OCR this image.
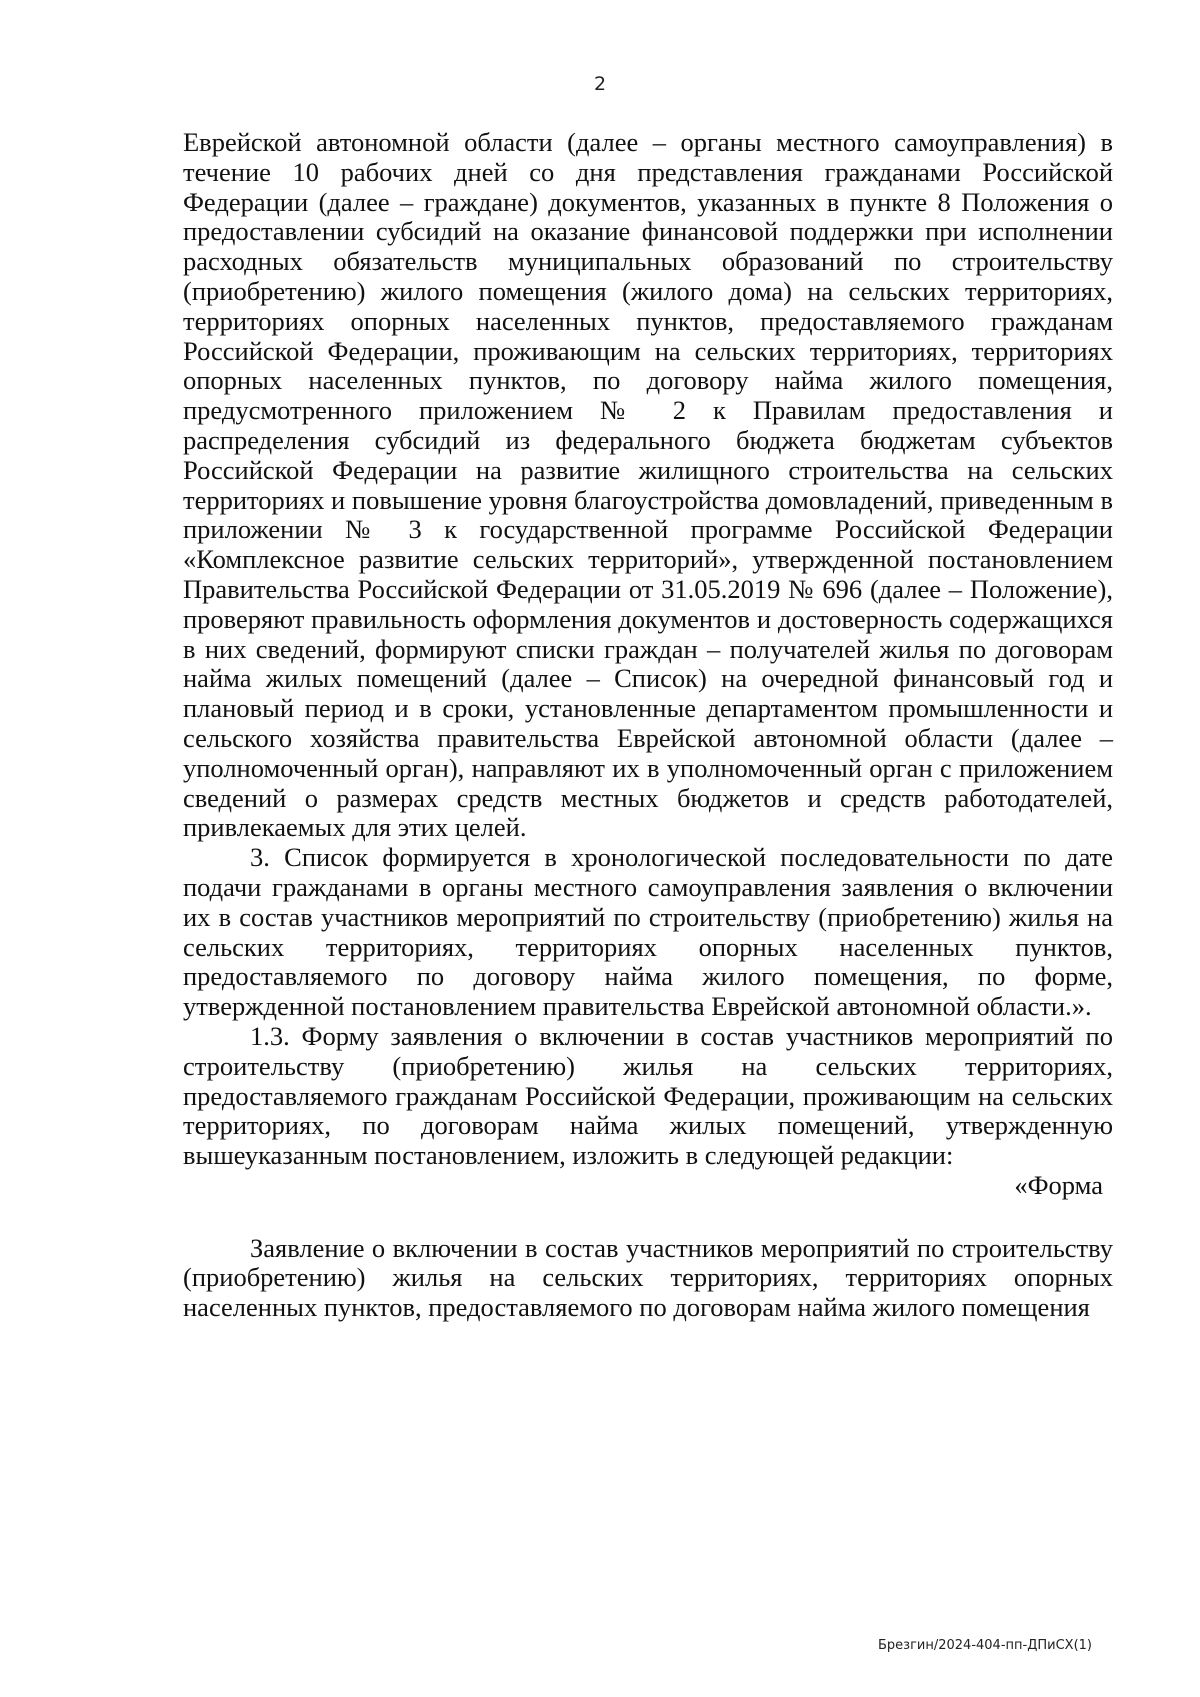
2

Еврейской автономной области (далее – органы местного самоуправления) в течение 10 рабочих дней со дня представления гражданами Российской Федерации (далее – граждане) документов, указанных в пункте 8 Положения о предоставлении субсидий на оказание финансовой поддержки при исполнении расходных обязательств муниципальных образований по строительству (приобретению) жилого помещения (жилого дома) на сельских территориях, территориях опорных населенных пунктов, предоставляемого гражданам Российской Федерации, проживающим на сельских территориях, территориях опорных населенных пунктов, по договору найма жилого помещения, предусмотренного приложением № 2 к Правилам предоставления и распределения субсидий из федерального бюджета бюджетам субъектов Российской Федерации на развитие жилищного строительства на сельских территориях и повышение уровня благоустройства домовладений, приведенным в приложении № 3 к государственной программе Российской Федерации «Комплексное развитие сельских территорий», утвержденной постановлением Правительства Российской Федерации от 31.05.2019 № 696 (далее – Положение), проверяют правильность оформления документов и достоверность содержащихся в них сведений, формируют списки граждан – получателей жилья по договорам найма жилых помещений (далее – Список) на очередной финансовый год и плановый период и в сроки, установленные департаментом промышленности и сельского хозяйства правительства Еврейской автономной области (далее – уполномоченный орган), направляют их в уполномоченный орган с приложением сведений о размерах средств местных бюджетов и средств работодателей, привлекаемых для этих целей.

3. Список формируется в хронологической последовательности по дате подачи гражданами в органы местного самоуправления заявления о включении их в состав участников мероприятий по строительству (приобретению) жилья на сельских территориях, территориях опорных населенных пунктов, предоставляемого по договору найма жилого помещения, по форме, утвержденной постановлением правительства Еврейской автономной области.».

1.3. Форму заявления о включении в состав участников мероприятий по строительству (приобретению) жилья на сельских территориях, предоставляемого гражданам Российской Федерации, проживающим на сельских территориях, по договорам найма жилых помещений, утвержденную вышеуказанным постановлением, изложить в следующей редакции:

«Форма

Заявление о включении в состав участников мероприятий по строительству (приобретению) жилья на сельских территориях, территориях опорных населенных пунктов, предоставляемого по договорам найма жилого помещения

Брезгин/2024-404-пп-ДПиСХ(1)
